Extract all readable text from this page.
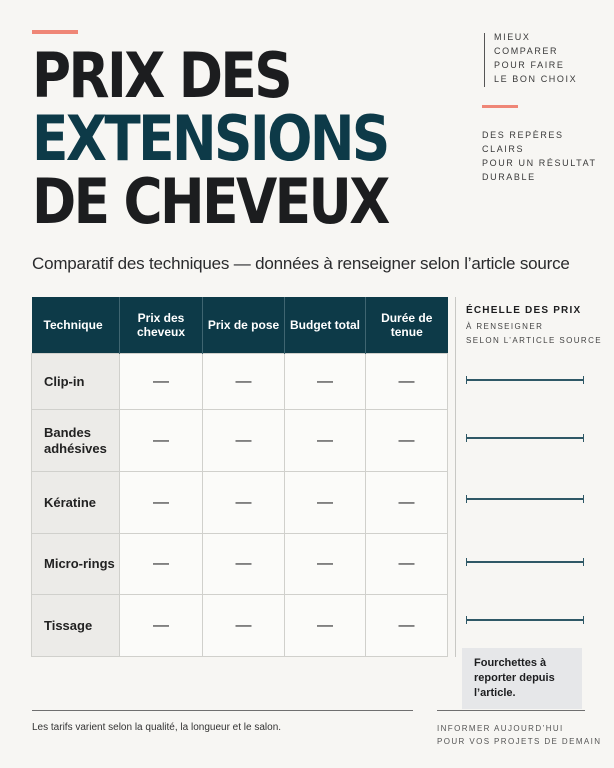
PRIX DES
EXTENSIONS
DE CHEVEUX
MIEUX
COMPARER
POUR FAIRE
LE BON CHOIX
DES REPÈRES
CLAIRS
POUR UN RÉSULTAT
DURABLE
Comparatif des techniques — données à renseigner selon l’article source
Technique	Prix des cheveux	Prix de pose	Budget total	Durée de tenue
Clip-in	—	—	—	—
Bandes adhésives	—	—	—	—
Kératine	—	—	—	—
Micro-rings	—	—	—	—
Tissage	—	—	—	—
ÉCHELLE DES PRIX
À RENSEIGNER
SELON L’ARTICLE SOURCE
Fourchettes à reporter depuis l’article.
Les tarifs varient selon la qualité, la longueur et le salon.	INFORMER AUJOURD’HUI
POUR VOS PROJETS DE DEMAIN
